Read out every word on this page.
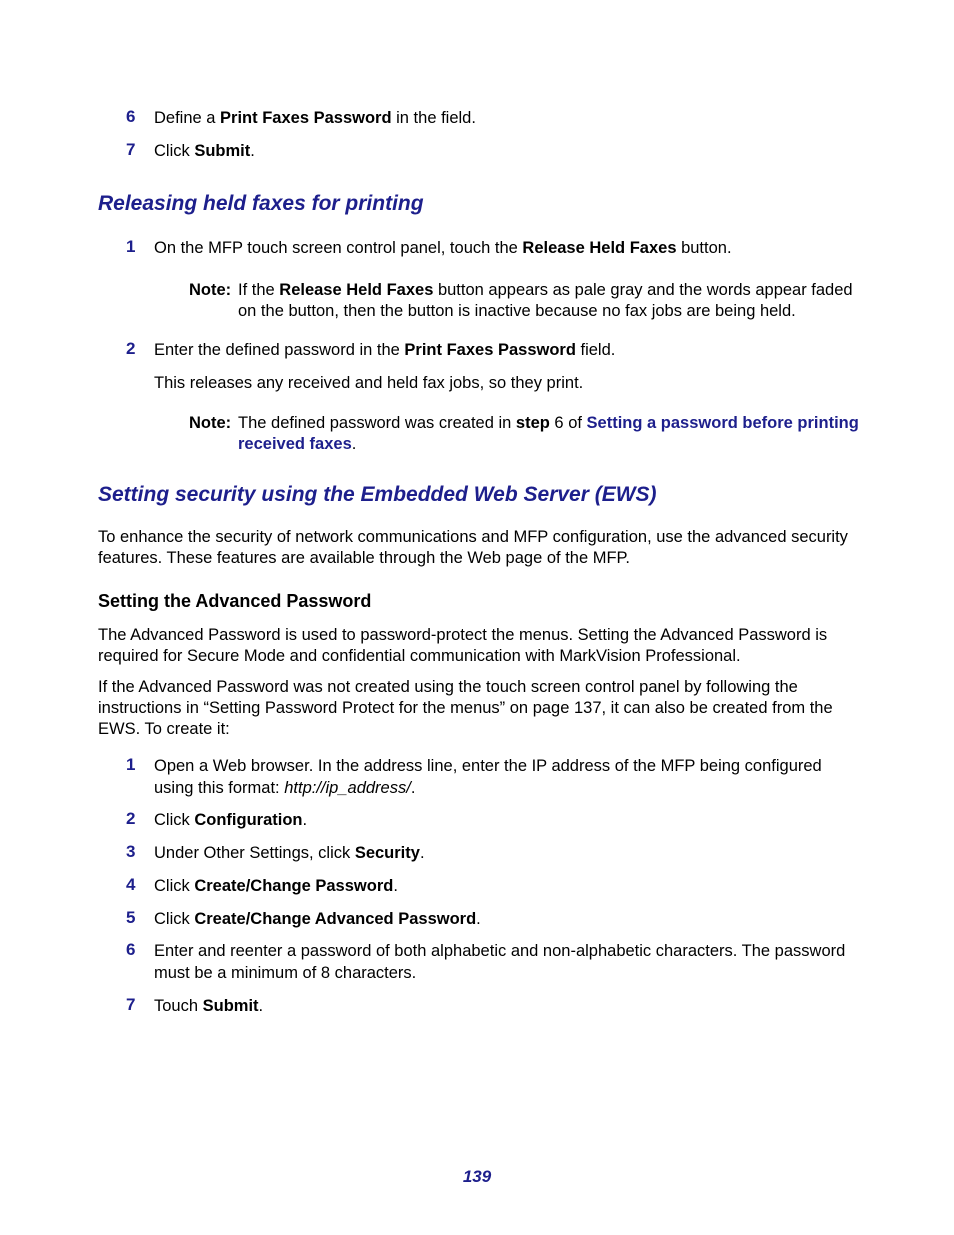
6 Define a Print Faxes Password in the field.
7 Click Submit.
Releasing held faxes for printing
1 On the MFP touch screen control panel, touch the Release Held Faxes button.
Note: If the Release Held Faxes button appears as pale gray and the words appear faded on the button, then the button is inactive because no fax jobs are being held.
2 Enter the defined password in the Print Faxes Password field.
This releases any received and held fax jobs, so they print.
Note: The defined password was created in step 6 of Setting a password before printing received faxes.
Setting security using the Embedded Web Server (EWS)
To enhance the security of network communications and MFP configuration, use the advanced security features. These features are available through the Web page of the MFP.
Setting the Advanced Password
The Advanced Password is used to password-protect the menus. Setting the Advanced Password is required for Secure Mode and confidential communication with MarkVision Professional.
If the Advanced Password was not created using the touch screen control panel by following the instructions in “Setting Password Protect for the menus” on page 137, it can also be created from the EWS. To create it:
1 Open a Web browser. In the address line, enter the IP address of the MFP being configured using this format: http://ip_address/.
2 Click Configuration.
3 Under Other Settings, click Security.
4 Click Create/Change Password.
5 Click Create/Change Advanced Password.
6 Enter and reenter a password of both alphabetic and non-alphabetic characters. The password must be a minimum of 8 characters.
7 Touch Submit.
139
